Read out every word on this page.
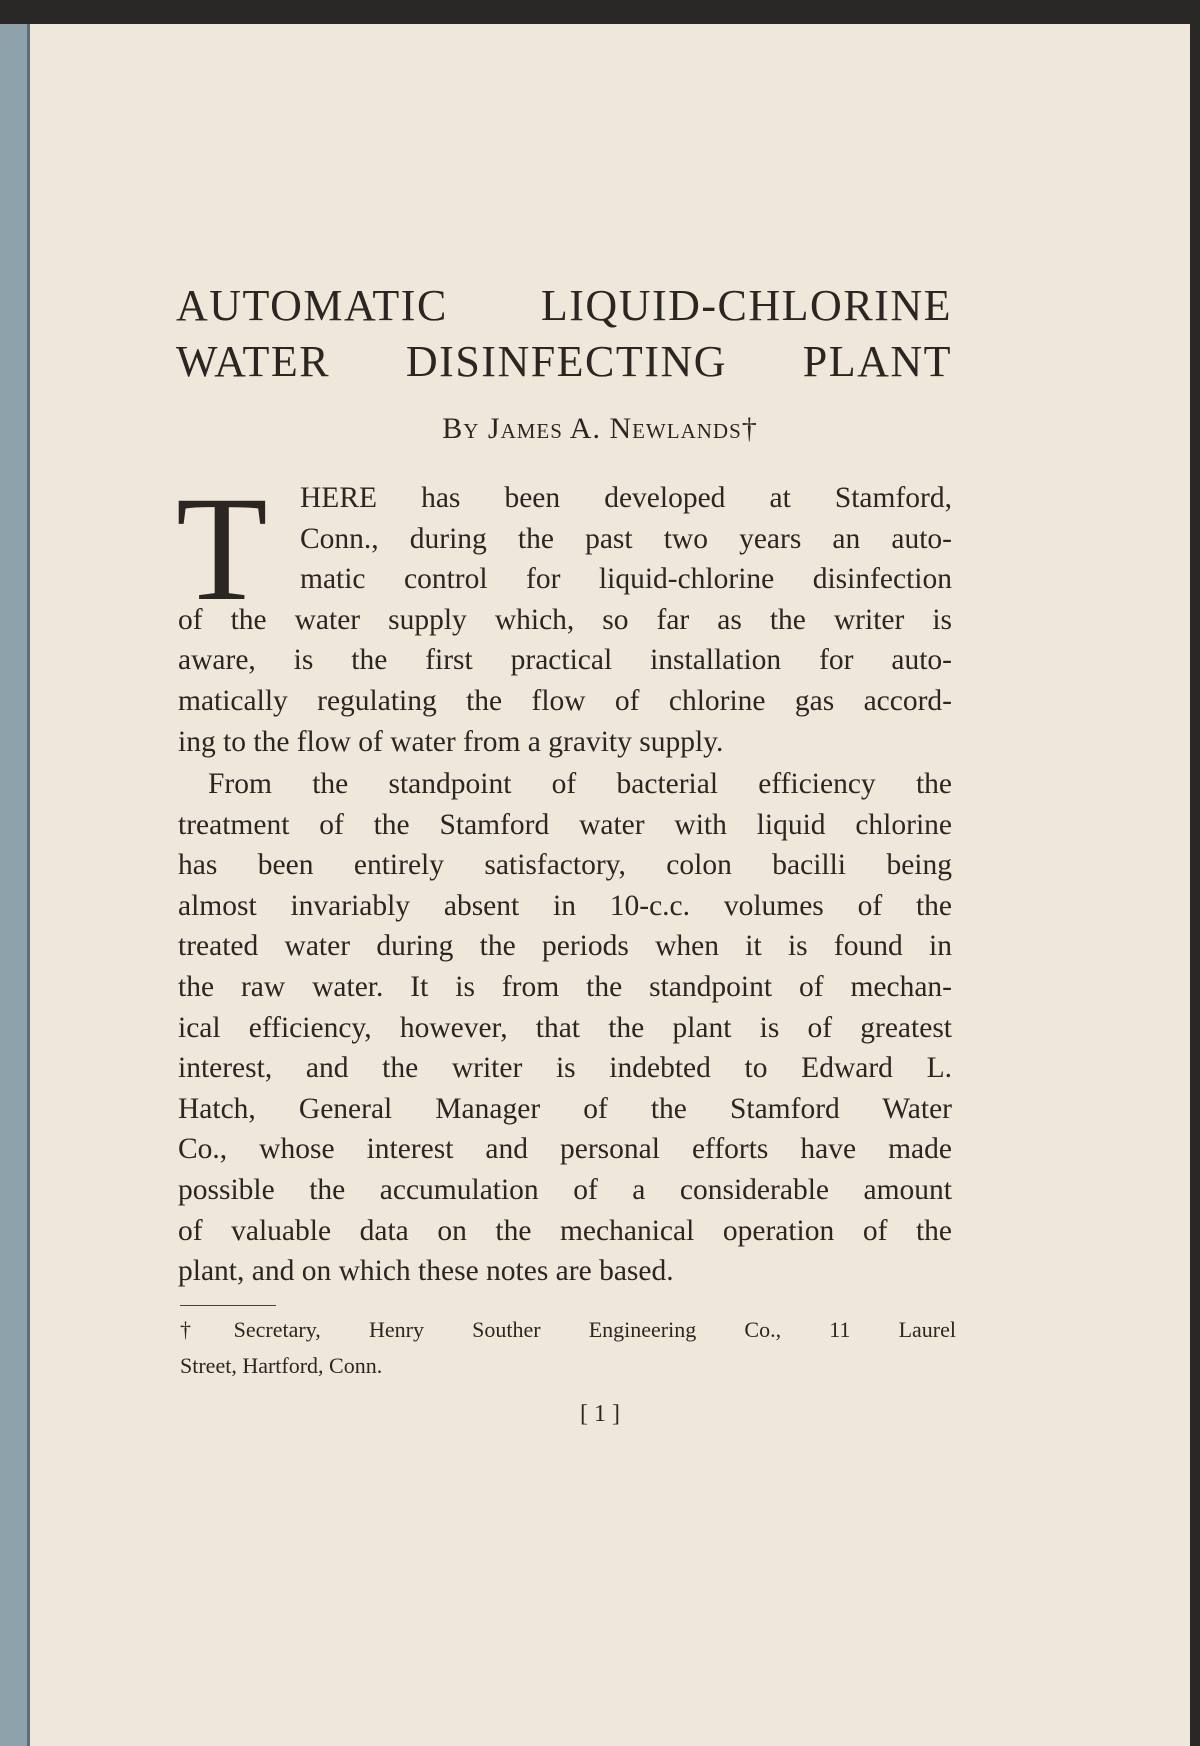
AUTOMATIC LIQUID-CHLORINE
WATER DISINFECTING PLANT
By James A. Newlands†
T HERE has been developed at Stamford,
Conn., during the past two years an auto-
matic control for liquid-chlorine disinfection
of the water supply which, so far as the writer is
aware, is the first practical installation for auto-
matically regulating the flow of chlorine gas accord-
ing to the flow of water from a gravity supply.
From the standpoint of bacterial efficiency the
treatment of the Stamford water with liquid chlorine
has been entirely satisfactory, colon bacilli being
almost invariably absent in 10-c.c. volumes of the
treated water during the periods when it is found in
the raw water. It is from the standpoint of mechan-
ical efficiency, however, that the plant is of greatest
interest, and the writer is indebted to Edward L.
Hatch, General Manager of the Stamford Water
Co., whose interest and personal efforts have made
possible the accumulation of a considerable amount
of valuable data on the mechanical operation of the
plant, and on which these notes are based.
†Secretary, Henry Souther Engineering Co., 11 Laurel
Street, Hartford, Conn.
[ 1 ]
